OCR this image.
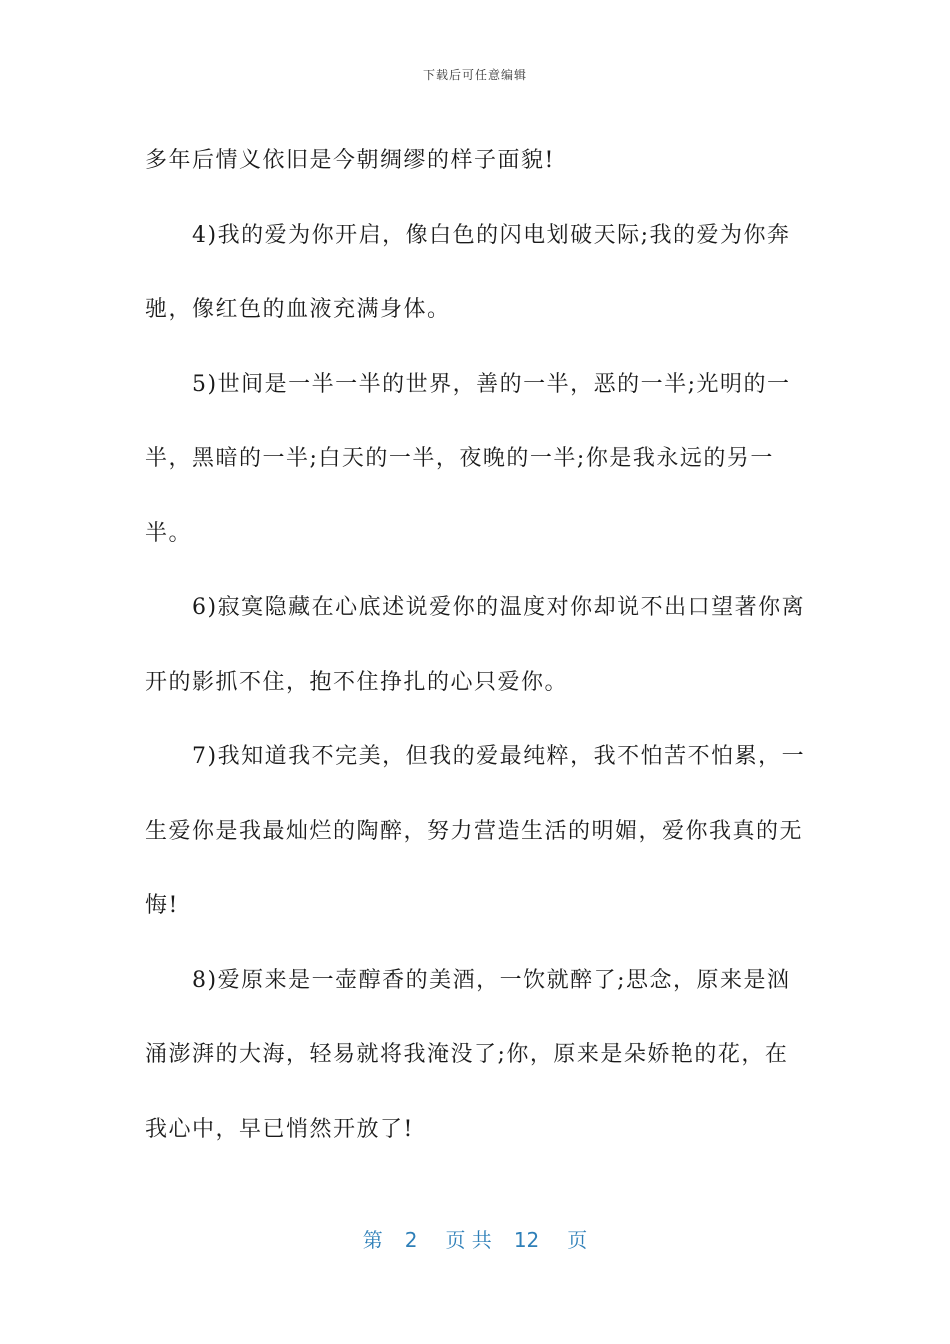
下载后可任意编辑

多年后情义依旧是今朝绸缪的样子面貌!

4)我的爱为你开启，像白色的闪电划破天际;我的爱为你奔驰，像红色的血液充满身体。

5)世间是一半一半的世界，善的一半，恶的一半;光明的一半，黑暗的一半;白天的一半，夜晚的一半;你是我永远的另一半。

6)寂寞隐藏在心底述说爱你的温度对你却说不出口望著你离开的影抓不住，抱不住挣扎的心只爱你。

7)我知道我不完美，但我的爱最纯粹，我不怕苦不怕累，一生爱你是我最灿烂的陶醉，努力营造生活的明媚，爱你我真的无悔!

8)爱原来是一壶醇香的美酒，一饮就醉了;思念，原来是汹涌澎湃的大海，轻易就将我淹没了;你，原来是朵娇艳的花，在我心中，早已悄然开放了!

第 2 页 共 12 页
